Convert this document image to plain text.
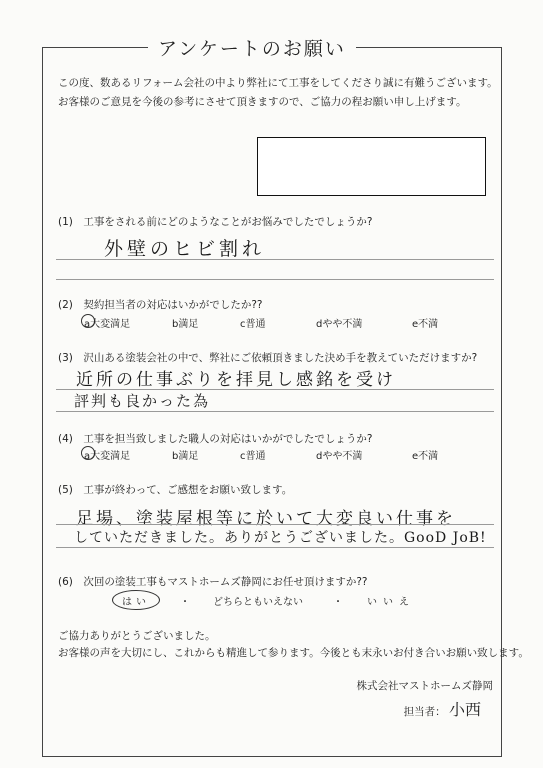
アンケートのお願い
この度、数あるリフォーム会社の中より弊社にて工事をしてくださり誠に有難うございます。
お客様のご意見を今後の参考にさせて頂きますので、ご協力の程お願い申し上げます。
(1) 工事をされる前にどのようなことがお悩みでしたでしょうか?
外壁のヒビ割れ
(2) 契約担当者の対応はいかがでしたか??
a大変満足	b満足	c普通	dやや不満	e不満
(3) 沢山ある塗装会社の中で、弊社にご依頼頂きました決め手を教えていただけますか?
近所の仕事ぶりを拝見し感銘を受け
評判も良かった為
(4) 工事を担当致しました職人の対応はいかがでしたでしょうか?
a大変満足	b満足	c普通	dやや不満	e不満
(5) 工事が終わって、ご感想をお願い致します。
足場、塗装屋根等に於いて大変良い仕事を
していただきました。ありがとうございました。GooD JoB!
(6) 次回の塗装工事もマストホームズ静岡にお任せ頂けますか??
はい	・ どちらともいえない	・ いいえ
ご協力ありがとうございました。
お客様の声を大切にし、これからも精進して参ります。今後とも末永いお付き合いお願い致します。
株式会社マストホームズ静岡
担当者： 小西
